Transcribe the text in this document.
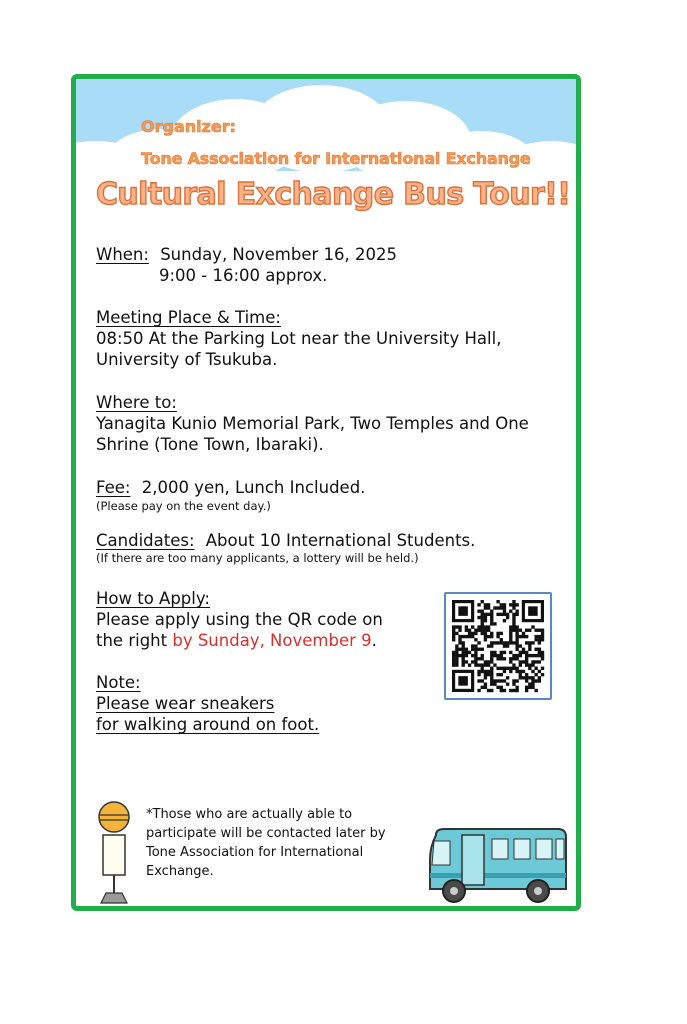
Organizer:
Tone Association for International Exchange
Cultural Exchange Bus Tour!!
When: Sunday, November 16, 2025
9:00 - 16:00 approx.
Meeting Place & Time:
08:50 At the Parking Lot near the University Hall,
University of Tsukuba.
Where to:
Yanagita Kunio Memorial Park, Two Temples and One
Shrine (Tone Town, Ibaraki).
Fee: 2,000 yen, Lunch Included.
(Please pay on the event day.)
Candidates: About 10 International Students.
(If there are too many applicants, a lottery will be held.)
How to Apply:
Please apply using the QR code on
the right by Sunday, November 9.
Note:
Please wear sneakers
for walking around on foot.
*Those who are actually able to
participate will be contacted later by
Tone Association for International
Exchange.
